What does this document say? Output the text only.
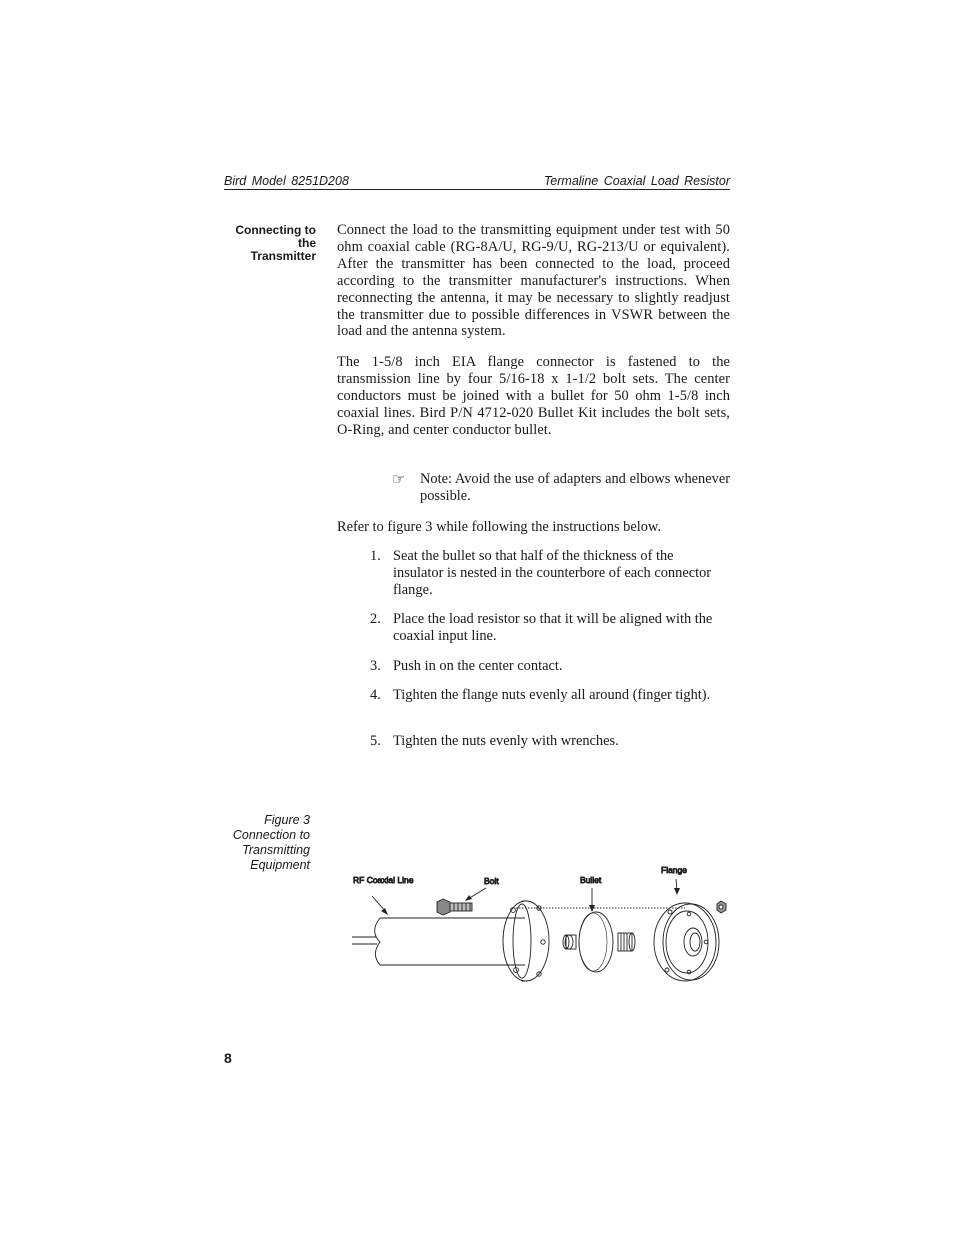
Bird Model 8251D208	Termaline Coaxial Load Resistor
Connecting to
the
Transmitter

Connect the load to the transmitting equipment under test with 50 ohm coaxial cable (RG-8A/U, RG-9/U, RG-213/U or equivalent). After the transmitter has been connected to the load, proceed according to the transmitter manufacturer's instructions. When reconnecting the antenna, it may be necessary to slightly readjust the transmitter due to possible differences in VSWR between the load and the antenna system.

The 1-5/8 inch EIA flange connector is fastened to the transmission line by four 5/16-18 x 1-1/2 bolt sets. The center conductors must be joined with a bullet for 50 ohm 1-5/8 inch coaxial lines. Bird P/N 4712-020 Bullet Kit includes the bolt sets, O-Ring, and center conductor bullet.

☞	Note: Avoid the use of adapters and elbows whenever possible.
Refer to figure 3 while following the instructions below.
1. Seat the bullet so that half of the thickness of the insulator is nested in the counterbore of each connector flange.
2. Place the load resistor so that it will be aligned with the coaxial input line.
3. Push in on the center contact.
4. Tighten the flange nuts evenly all around (finger tight).
5. Tighten the nuts evenly with wrenches.
Figure 3
Connection to
Transmitting
Equipment
RF Coaxial Line	Bolt	Bullet
Flange
8
